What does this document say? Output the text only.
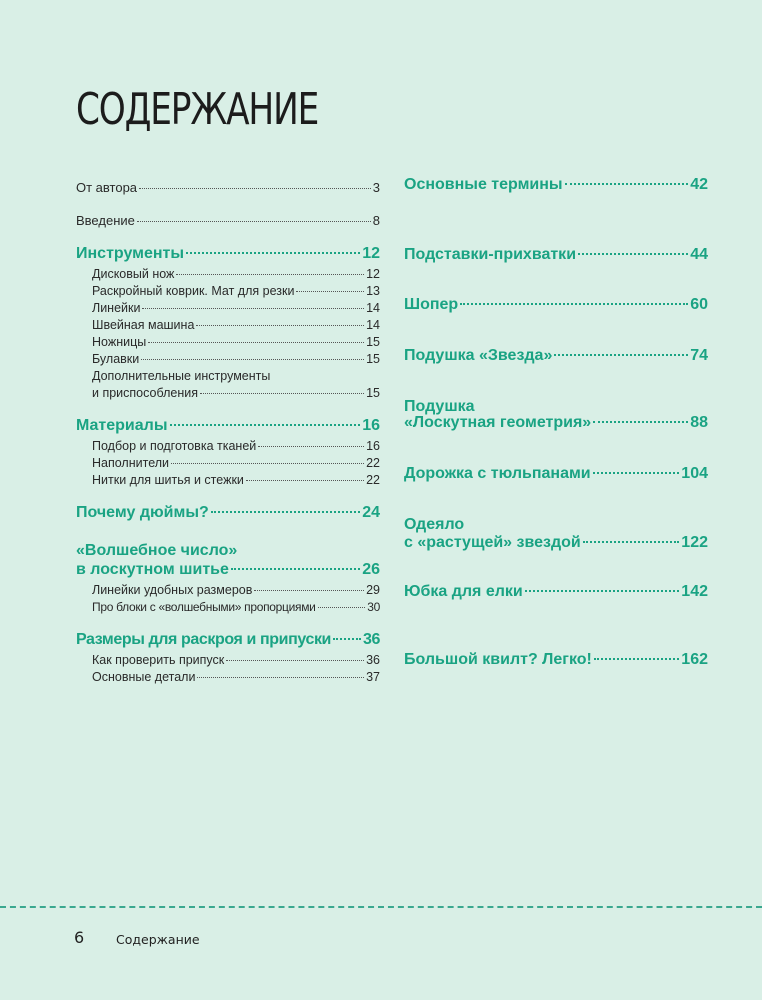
СОДЕРЖАНИЕ
От автора	3
Введение	8
Инструменты	12
Дисковый нож	12
Раскройный коврик. Мат для резки	13
Линейки	14
Швейная машина	14
Ножницы	15
Булавки	15
Дополнительные инструменты
и приспособления	15
Материалы	16
Подбор и подготовка тканей	16
Наполнители	22
Нитки для шитья и стежки	22
Почему дюймы?	24
«Волшебное число»
в лоскутном шитье	26
Линейки удобных размеров	29
Про блоки с «волшебными» пропорциями	30
Размеры для раскроя и припуски 36
Как проверить припуск	36
Основные детали	37
Основные термины	42
Подставки-прихватки	44
Шопер	60
Подушка «Звезда»	74
Подушка
«Лоскутная геометрия»	88
Дорожка с тюльпанами	104
Одеяло
с «растущей» звездой	122
Юбка для елки	142
Большой квилт? Легко!	162
6	Содержание
